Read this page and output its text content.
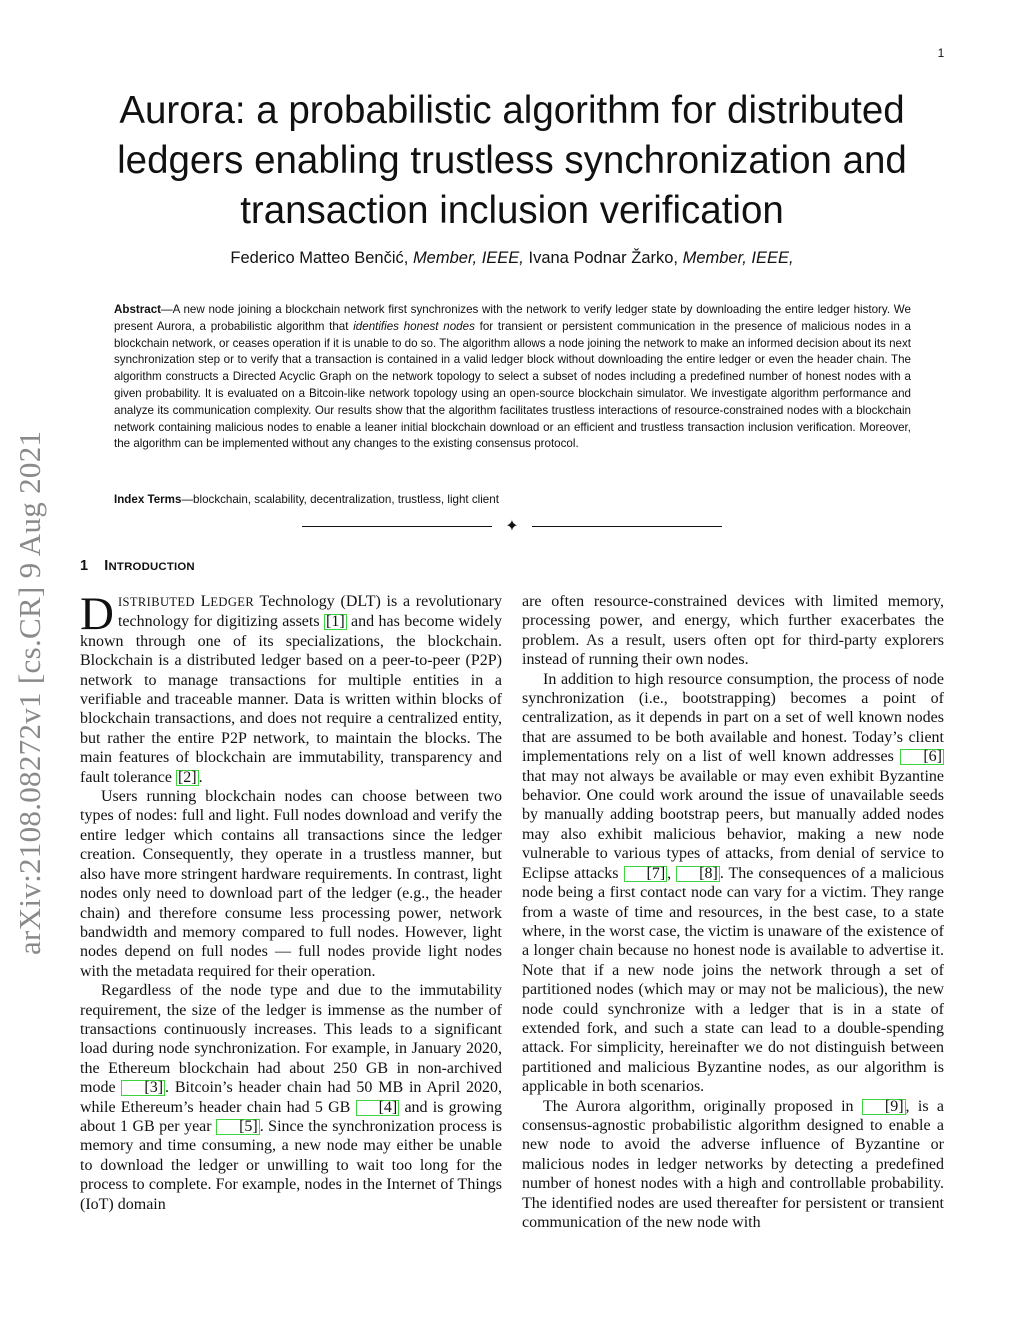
1
arXiv:2108.08272v1 [cs.CR] 9 Aug 2021
Aurora: a probabilistic algorithm for distributed
ledgers enabling trustless synchronization and
transaction inclusion verification
Federico Matteo Benčić, Member, IEEE, Ivana Podnar Žarko, Member, IEEE,

Abstract—A new node joining a blockchain network first synchronizes with the network to verify ledger state by downloading the entire ledger history. We present Aurora, a probabilistic algorithm that identifies honest nodes for transient or persistent communication in the presence of malicious nodes in a blockchain network, or ceases operation if it is unable to do so. The algorithm allows a node joining the network to make an informed decision about its next synchronization step or to verify that a transaction is contained in a valid ledger block without downloading the entire ledger or even the header chain. The algorithm constructs a Directed Acyclic Graph on the network topology to select a subset of nodes including a predefined number of honest nodes with a given probability. It is evaluated on a Bitcoin-like network topology using an open-source blockchain simulator. We investigate algorithm performance and analyze its communication complexity. Our results show that the algorithm facilitates trustless interactions of resource-constrained nodes with a blockchain network containing malicious nodes to enable a leaner initial blockchain download or an efficient and trustless transaction inclusion verification. Moreover, the algorithm can be implemented without any changes to the existing consensus protocol.

Index Terms—blockchain, scalability, decentralization, trustless, light client

✦
1 INTRODUCTION

DISTRIBUTED LEDGER Technology (DLT) is a revolutionary technology for digitizing assets [1] and has become widely known through one of its specializations, the blockchain. Blockchain is a distributed ledger based on a peer-to-peer (P2P) network to manage transactions for multiple entities in a verifiable and traceable manner. Data is written within blocks of blockchain transactions, and does not require a centralized entity, but rather the entire P2P network, to maintain the blocks. The main features of blockchain are immutability, transparency and fault tolerance [2] .

Users running blockchain nodes can choose between two types of nodes: full and light. Full nodes download and verify the entire ledger which contains all transactions since the ledger creation. Consequently, they operate in a trustless manner, but also have more stringent hardware requirements. In contrast, light nodes only need to download part of the ledger (e.g., the header chain) and therefore consume less processing power, network bandwidth and memory compared to full nodes. However, light nodes depend on full nodes — full nodes provide light nodes with the metadata required for their operation.

Regardless of the node type and due to the immutability requirement, the size of the ledger is immense as the number of transactions continuously increases. This leads to a significant load during node synchronization. For example, in January 2020, the Ethereum blockchain had about 250 GB in non-archived mode [3] . Bitcoin’s header chain had 50 MB in April 2020, while Ethereum’s header chain had 5 GB [4] and is growing about 1 GB per year [5] . Since the synchronization process is memory and time consuming, a new node may either be unable to download the ledger or unwilling to wait too long for the process to complete. For example, nodes in the Internet of Things (IoT) domain

are often resource-constrained devices with limited memory, processing power, and energy, which further exacerbates the problem. As a result, users often opt for third-party explorers instead of running their own nodes.

In addition to high resource consumption, the process of node synchronization (i.e., bootstrapping) becomes a point of centralization, as it depends in part on a set of well known nodes that are assumed to be both available and honest. Today’s client implementations rely on a list of well known addresses [6] that may not always be available or may even exhibit Byzantine behavior. One could work around the issue of unavailable seeds by manually adding bootstrap peers, but manually added nodes may also exhibit malicious behavior, making a new node vulnerable to various types of attacks, from denial of service to Eclipse attacks [7] , [8] . The consequences of a malicious node being a first contact node can vary for a victim. They range from a waste of time and resources, in the best case, to a state where, in the worst case, the victim is unaware of the existence of a longer chain because no honest node is available to advertise it. Note that if a new node joins the network through a set of partitioned nodes (which may or may not be malicious), the new node could synchronize with a ledger that is in a state of extended fork, and such a state can lead to a double-spending attack. For simplicity, hereinafter we do not distinguish between partitioned and malicious Byzantine nodes, as our algorithm is applicable in both scenarios.

The Aurora algorithm, originally proposed in [9] , is a consensus-agnostic probabilistic algorithm designed to enable a new node to avoid the adverse influence of Byzantine or malicious nodes in ledger networks by detecting a predefined number of honest nodes with a high and controllable probability. The identified nodes are used thereafter for persistent or transient communication of the new node with
